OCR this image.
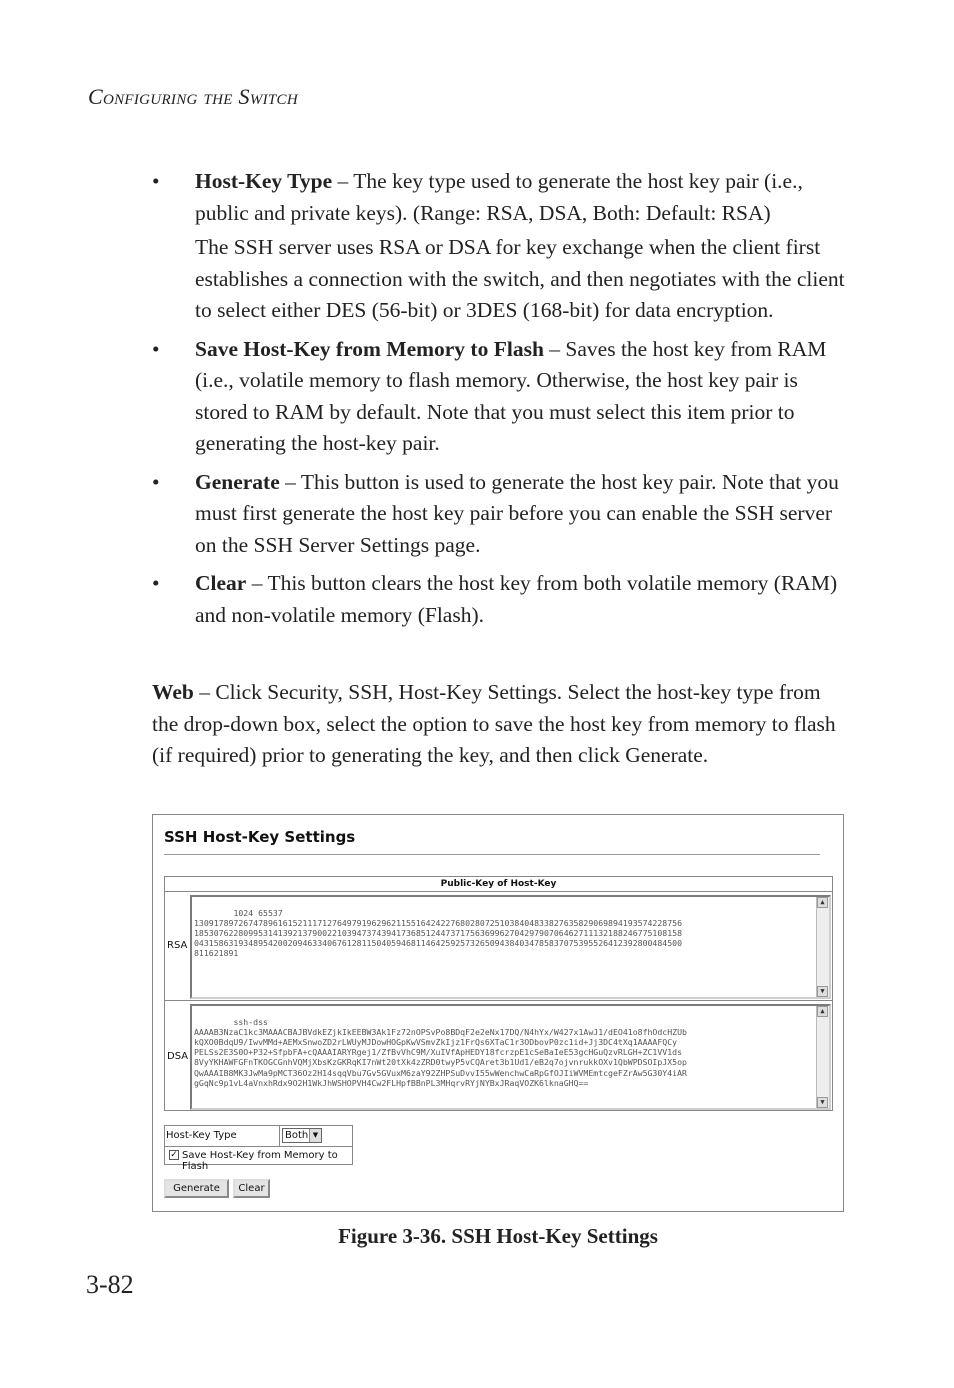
CONFIGURING THE SWITCH
• Host-Key Type – The key type used to generate the host key pair (i.e., public and private keys). (Range: RSA, DSA, Both: Default: RSA)

The SSH server uses RSA or DSA for key exchange when the client first establishes a connection with the switch, and then negotiates with the client to select either DES (56-bit) or 3DES (168-bit) for data encryption.

• Save Host-Key from Memory to Flash – Saves the host key from RAM (i.e., volatile memory to flash memory. Otherwise, the host key pair is stored to RAM by default. Note that you must select this item prior to generating the host-key pair.

• Generate – This button is used to generate the host key pair. Note that you must first generate the host key pair before you can enable the SSH server on the SSH Server Settings page.

• Clear – This button clears the host key from both volatile memory (RAM) and non-volatile memory (Flash).

Web – Click Security, SSH, Host-Key Settings. Select the host-key type from the drop-down box, select the option to save the host key from memory to flash (if required) prior to generating the key, and then click Generate.

SSH Host-Key Settings
Public-Key of Host-Key
RSA

1024 65537
130917897267478961615211171276497919629621155164242276802807251038404833827635829069894193574228756
185307622809953141392137900221039473743941736851244737175636996270429790706462711132188246775108158
043158631934895420020946334067612811504059468114642592573265094384034785837075395526412392800484500
811621891

▲

▼

DSA

ssh-dss
AAAAB3NzaC1kc3MAAACBAJBVdkEZjkIkEEBW3Ak1Fz72nOPSvPo8BDqF2e2eNx17DQ/N4hYx/W427x1AwJ1/dEO41o8fhOdcHZUb
kQXO0BdqU9/IwvMMd+AEMxSnwoZD2rLWUyMJDowHOGpKwVSmvZkIjz1FrQs6XTaC1r3ODbovP0zc1id+Jj3DC4tXq1AAAAFQCy
PELSs2E3S0O+P32+SfpbFA+cQAAAIARYRgej1/ZfBvVhC9M/XuIVfApHEDY18fcrzpE1cSeBaIeE53gcHGuQzvRLGH+ZC1VV1ds
8VyYKHAWFGFnTKOGCGnhVQMjXbsKzGKRqKI7nWt20tXk4zZRD0twyP5vCQAret3b1Ud1/eB2q7ojvnrukkOXv1QbWPDSOIpJX5op
QwAAAIB8MK3JwMa9pMCT36Oz2H14sqqVbu7Gv5GVuxM6zaY92ZHPSuDvvI55wWenchwCaRpGfOJIiWVMEmtcgeFZrAw5G30Y4iAR
gGqNc9p1vL4aVnxhRdx9O2H1WkJhWSHOPVH4Cw2FLHpfBBnPL3MHqrvRYjNYBxJRaqVOZK6lknaGHQ==

▲

▼

Host-Key Type	Both ▼
✓ Save Host-Key from Memory to Flash
Generate	Clear
Figure 3-36. SSH Host-Key Settings
3-82
